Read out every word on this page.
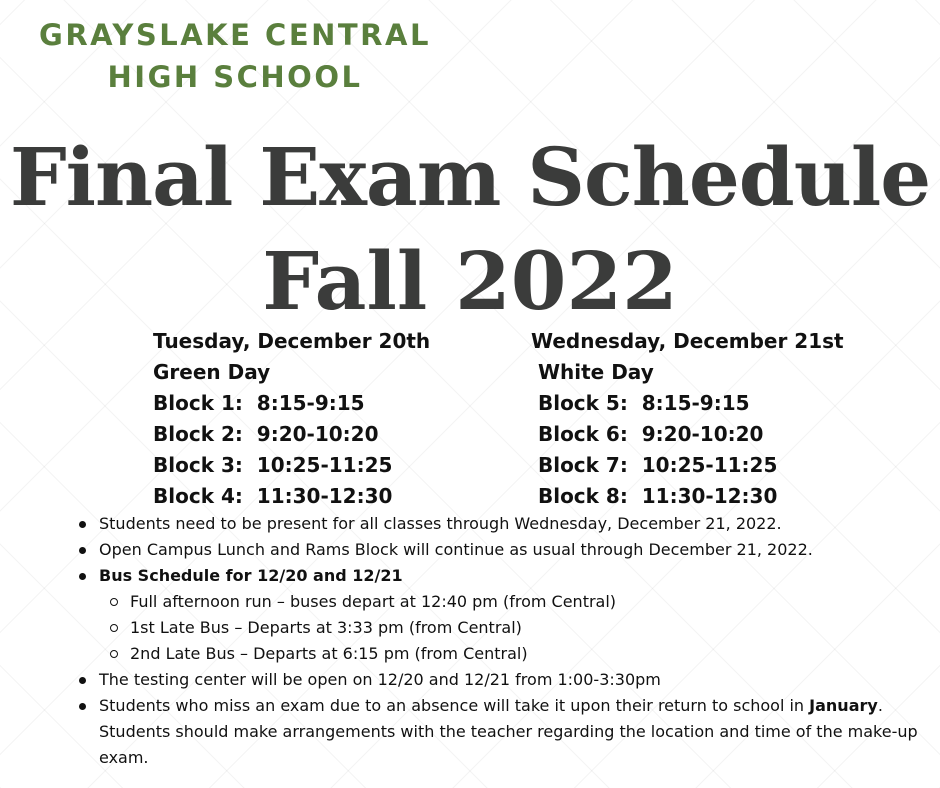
GRAYSLAKE CENTRAL
HIGH SCHOOL
Final Exam Schedule
Fall 2022
Tuesday, December 20th
Green Day
Block 1:  8:15-9:15
Block 2:  9:20-10:20
Block 3:  10:25-11:25
Block 4:  11:30-12:30
Wednesday, December 21st
White Day
Block 5:  8:15-9:15
Block 6:  9:20-10:20
Block 7:  10:25-11:25
Block 8:  11:30-12:30
Students need to be present for all classes through Wednesday, December 21, 2022.
Open Campus Lunch and Rams Block will continue as usual through December 21, 2022.
Bus Schedule for 12/20 and 12/21
Full afternoon run – buses depart at 12:40 pm (from Central)
1st Late Bus – Departs at 3:33 pm (from Central)
2nd Late Bus – Departs at 6:15 pm (from Central)
The testing center will be open on 12/20 and 12/21 from 1:00-3:30pm
Students who miss an exam due to an absence will take it upon their return to school in January. Students should make arrangements with the teacher regarding the location and time of the make-up exam.
